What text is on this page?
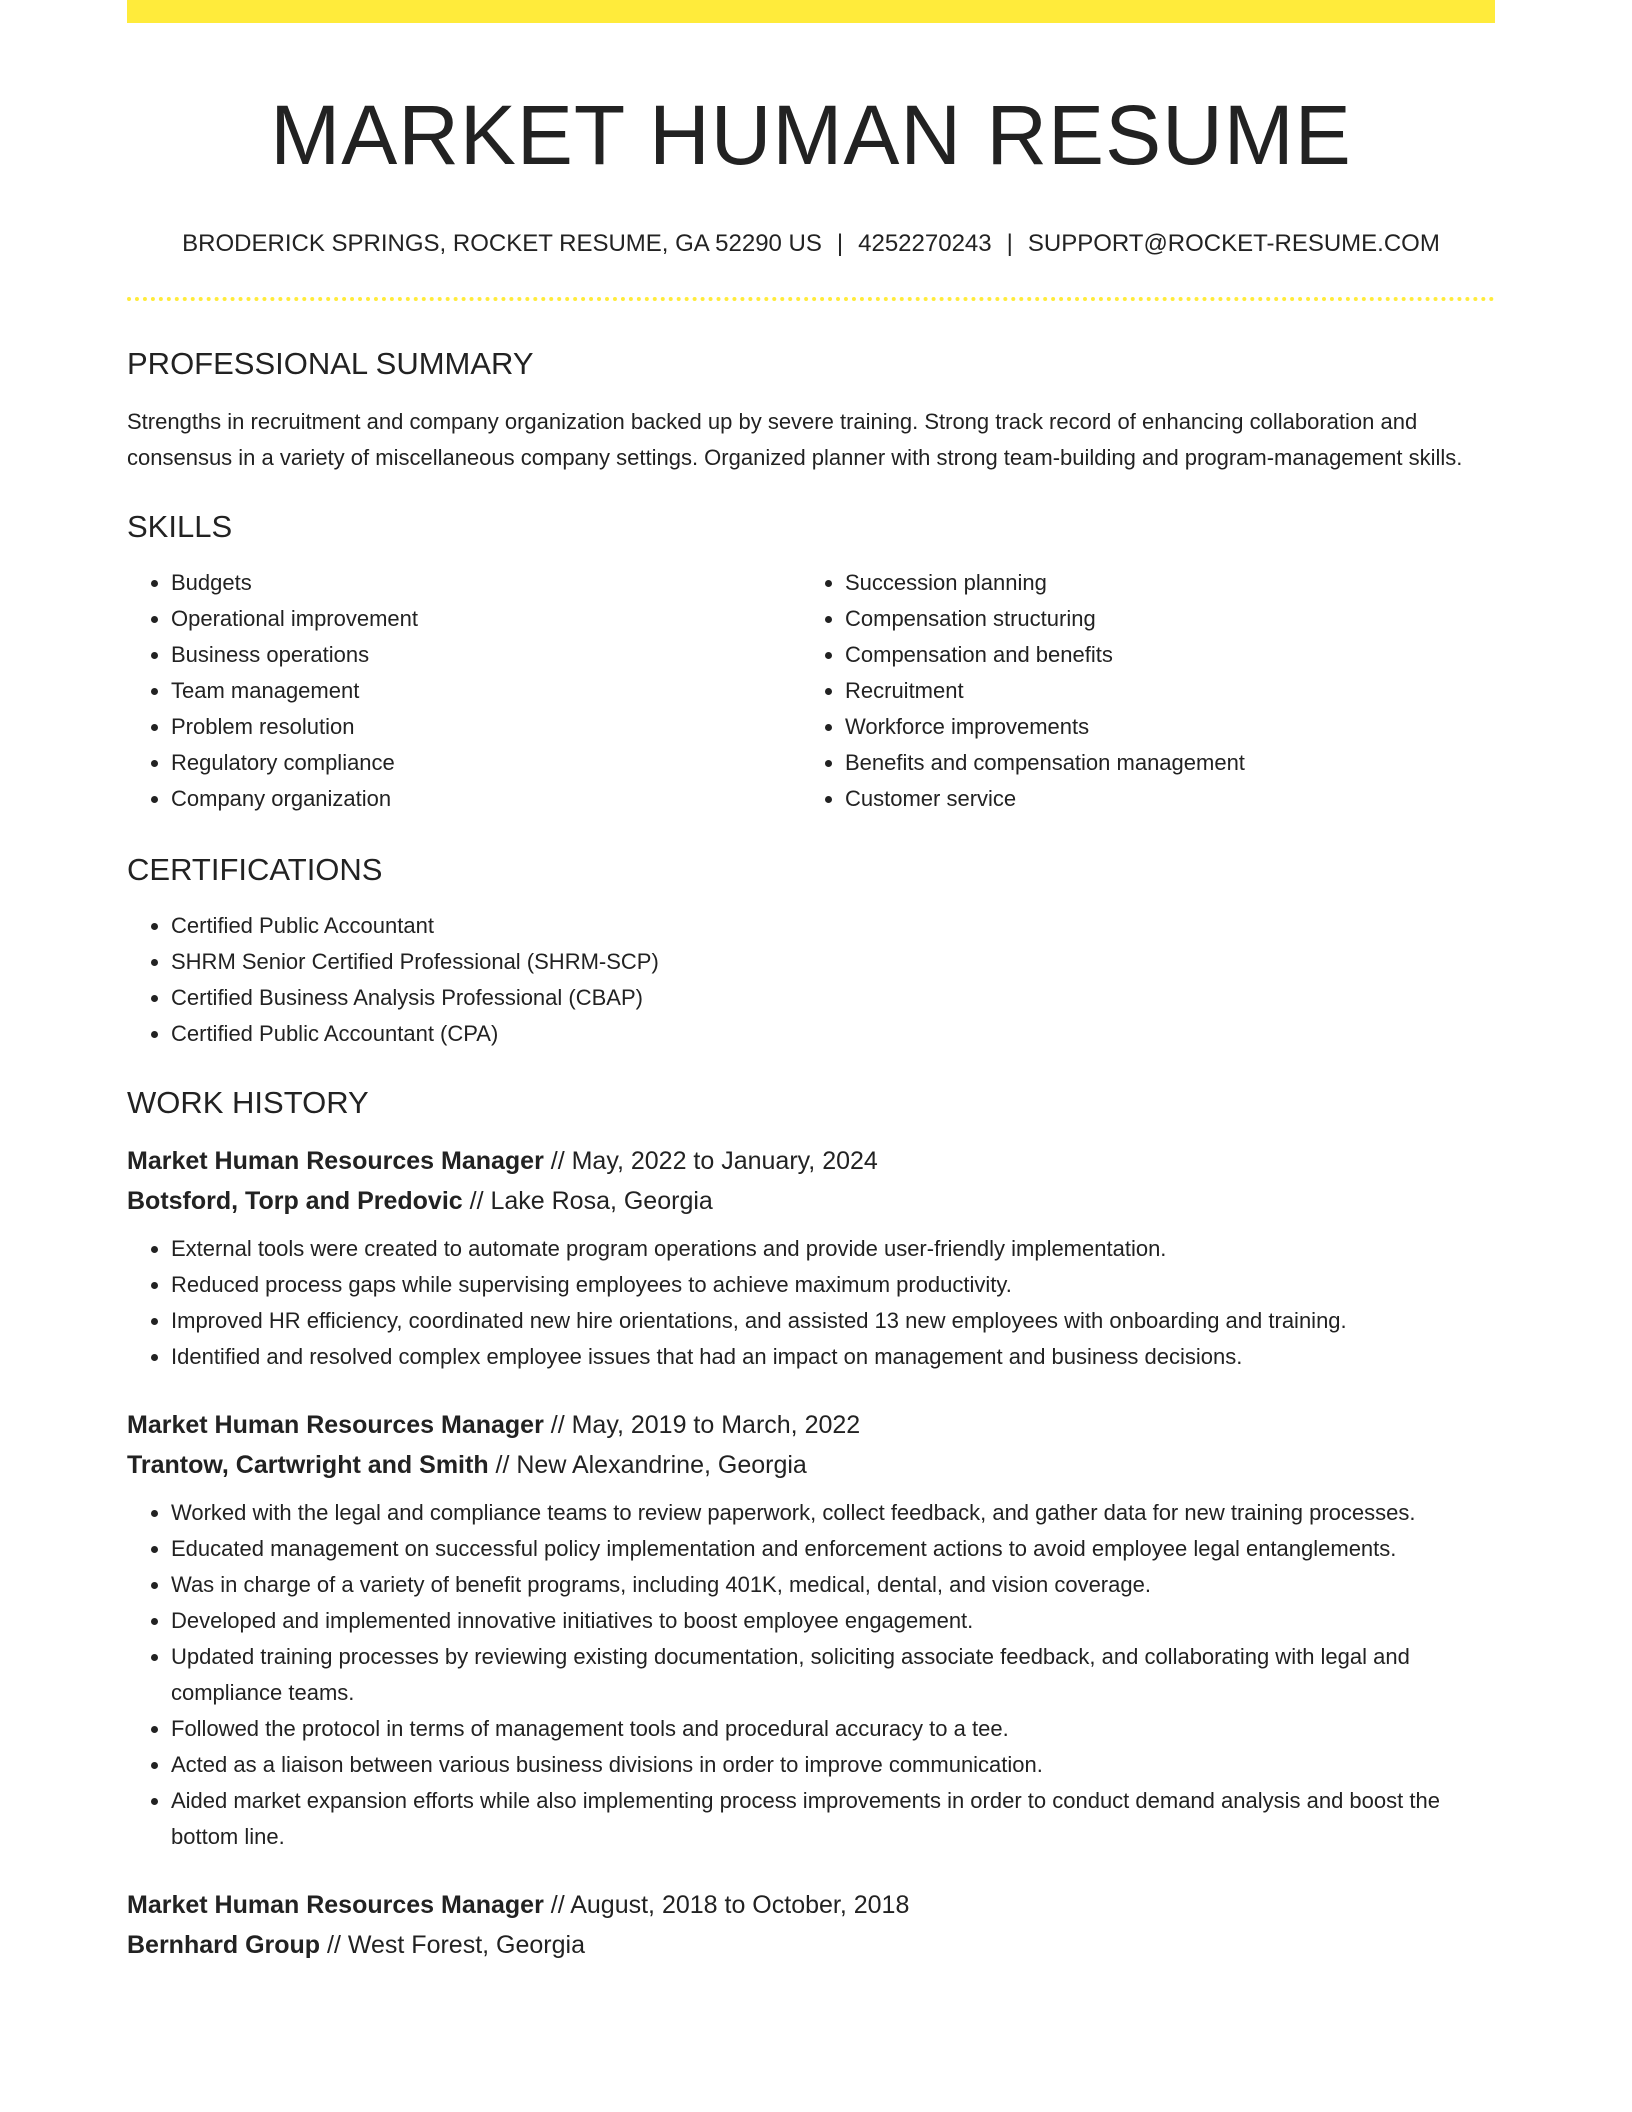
MARKET HUMAN RESUME
BRODERICK SPRINGS, ROCKET RESUME, GA 52290 US | 4252270243 | SUPPORT@ROCKET-RESUME.COM
PROFESSIONAL SUMMARY
Strengths in recruitment and company organization backed up by severe training. Strong track record of enhancing collaboration and consensus in a variety of miscellaneous company settings. Organized planner with strong team-building and program-management skills.
SKILLS
• Budgets
• Operational improvement
• Business operations
• Team management
• Problem resolution
• Regulatory compliance
• Company organization
• Succession planning
• Compensation structuring
• Compensation and benefits
• Recruitment
• Workforce improvements
• Benefits and compensation management
• Customer service
CERTIFICATIONS
• Certified Public Accountant
• SHRM Senior Certified Professional (SHRM-SCP)
• Certified Business Analysis Professional (CBAP)
• Certified Public Accountant (CPA)
WORK HISTORY
Market Human Resources Manager // May, 2022 to January, 2024
Botsford, Torp and Predovic // Lake Rosa, Georgia
• External tools were created to automate program operations and provide user-friendly implementation.
• Reduced process gaps while supervising employees to achieve maximum productivity.
• Improved HR efficiency, coordinated new hire orientations, and assisted 13 new employees with onboarding and training.
• Identified and resolved complex employee issues that had an impact on management and business decisions.
Market Human Resources Manager // May, 2019 to March, 2022
Trantow, Cartwright and Smith // New Alexandrine, Georgia
• Worked with the legal and compliance teams to review paperwork, collect feedback, and gather data for new training processes.
• Educated management on successful policy implementation and enforcement actions to avoid employee legal entanglements.
• Was in charge of a variety of benefit programs, including 401K, medical, dental, and vision coverage.
• Developed and implemented innovative initiatives to boost employee engagement.
• Updated training processes by reviewing existing documentation, soliciting associate feedback, and collaborating with legal and compliance teams.
• Followed the protocol in terms of management tools and procedural accuracy to a tee.
• Acted as a liaison between various business divisions in order to improve communication.
• Aided market expansion efforts while also implementing process improvements in order to conduct demand analysis and boost the bottom line.
Market Human Resources Manager // August, 2018 to October, 2018
Bernhard Group // West Forest, Georgia
